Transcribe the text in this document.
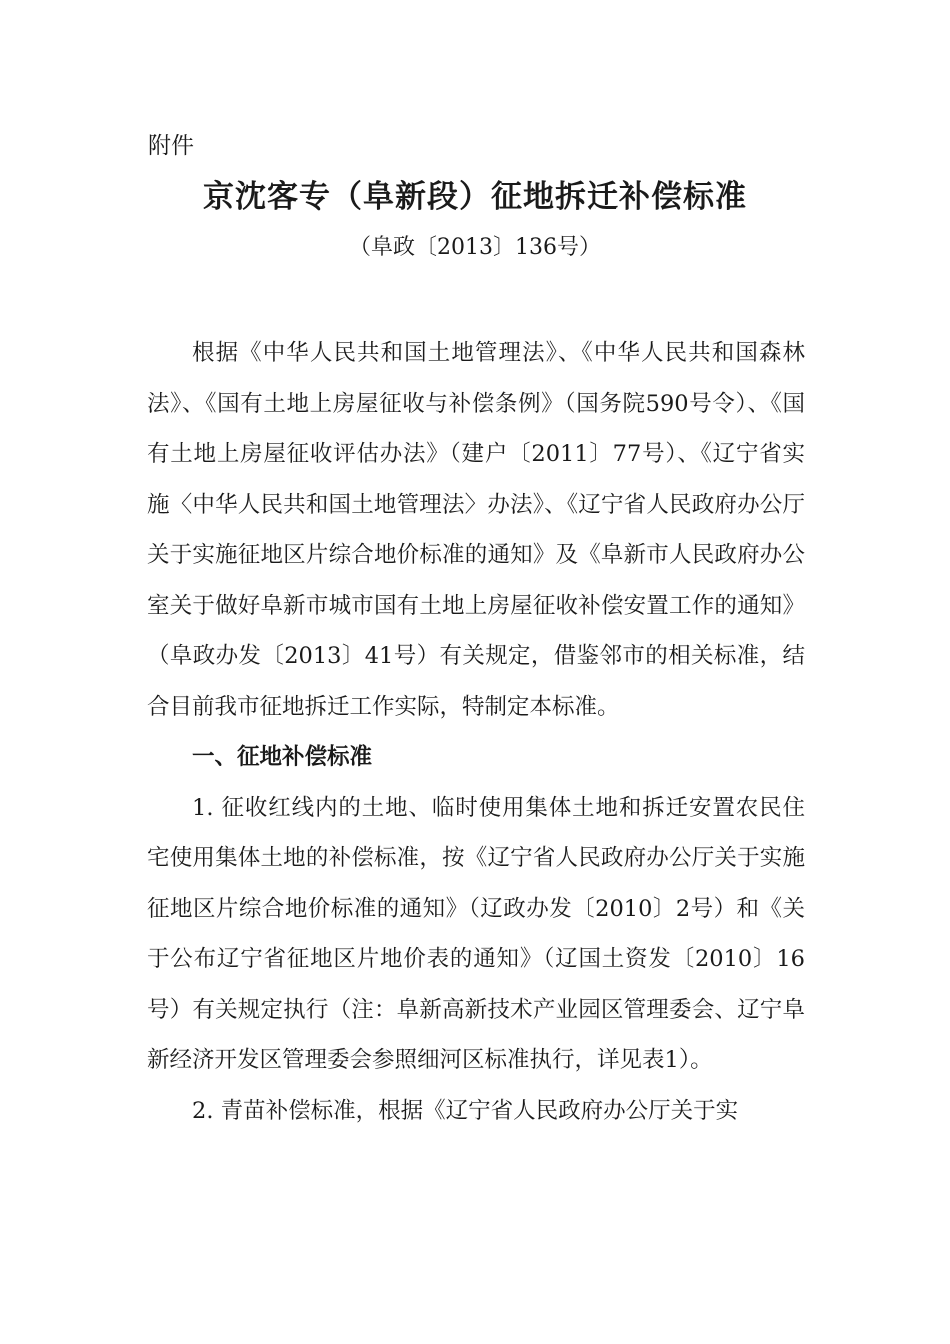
附件
京沈客专（阜新段）征地拆迁补偿标准
（阜政〔2013〕136号）

根据《中华人民共和国土地管理法》、《中华人民共和国森林法》、《国有土地上房屋征收与补偿条例》（国务院590号令）、《国有土地上房屋征收评估办法》（建户〔2011〕77号）、《辽宁省实施〈中华人民共和国土地管理法〉办法》、《辽宁省人民政府办公厅关于实施征地区片综合地价标准的通知》及《阜新市人民政府办公室关于做好阜新市城市国有土地上房屋征收补偿安置工作的通知》（阜政办发〔2013〕41号）有关规定，借鉴邻市的相关标准，结合目前我市征地拆迁工作实际，特制定本标准。

一、征地补偿标准

1. 征收红线内的土地、临时使用集体土地和拆迁安置农民住宅使用集体土地的补偿标准，按《辽宁省人民政府办公厅关于实施征地区片综合地价标准的通知》（辽政办发〔2010〕2号）和《关于公布辽宁省征地区片地价表的通知》（辽国土资发〔2010〕16号）有关规定执行（注：阜新高新技术产业园区管理委会、辽宁阜新经济开发区管理委会参照细河区标准执行，详见表1）。

2. 青苗补偿标准，根据《辽宁省人民政府办公厅关于实
